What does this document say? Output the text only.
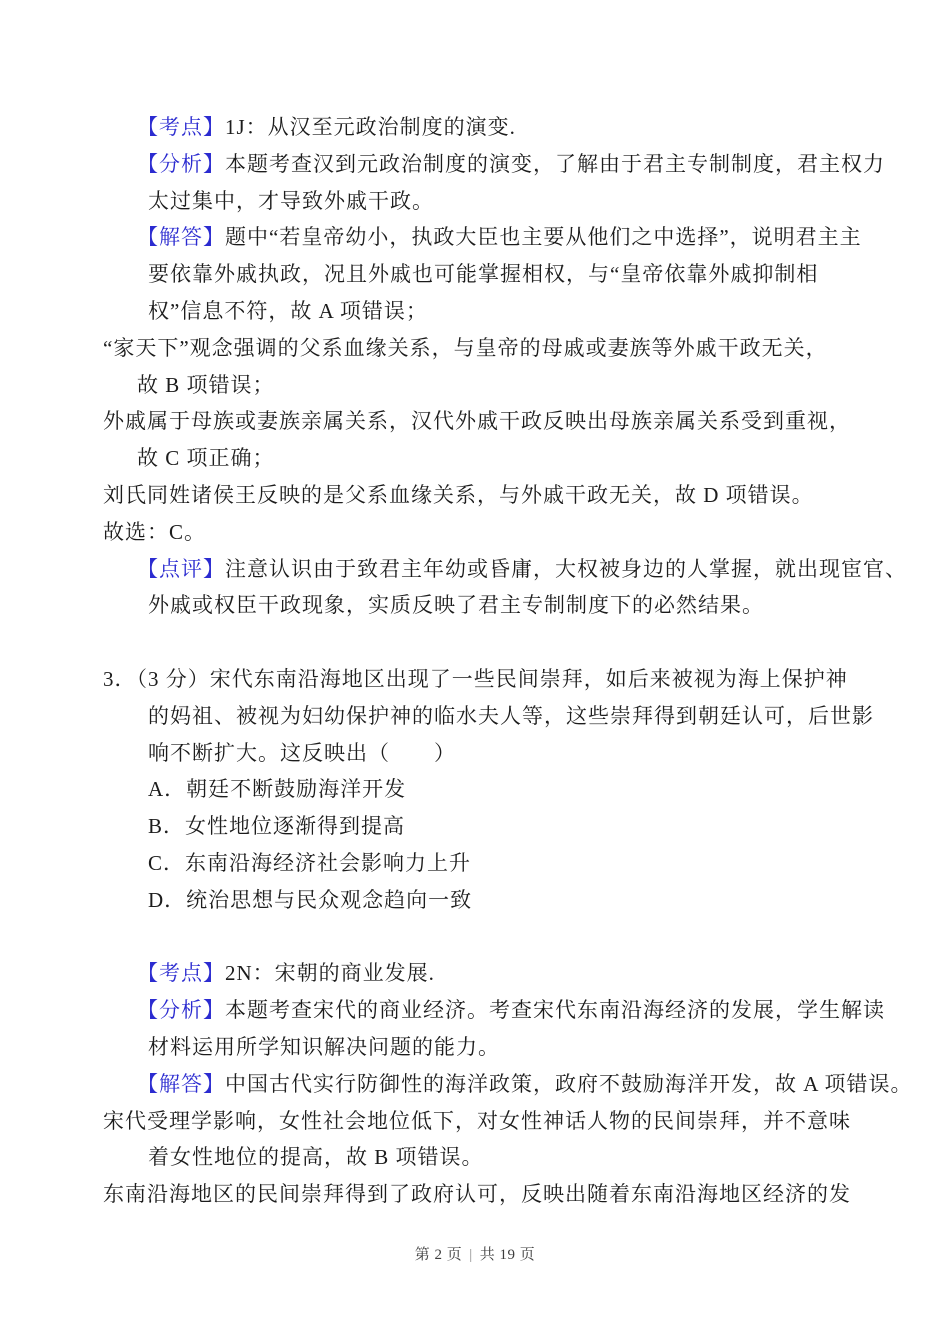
【考点】1J：从汉至元政治制度的演变.
【分析】本题考查汉到元政治制度的演变，了解由于君主专制制度，君主权力
太过集中，才导致外戚干政。
【解答】题中“若皇帝幼小，执政大臣也主要从他们之中选择”，说明君主主
要依靠外戚执政，况且外戚也可能掌握相权，与“皇帝依靠外戚抑制相
权”信息不符，故 A 项错误；
“家天下”观念强调的父系血缘关系，与皇帝的母戚或妻族等外戚干政无关，
故 B 项错误；
外戚属于母族或妻族亲属关系，汉代外戚干政反映出母族亲属关系受到重视，
故 C 项正确；
刘氏同姓诸侯王反映的是父系血缘关系，与外戚干政无关，故 D 项错误。
故选：C。
【点评】注意认识由于致君主年幼或昏庸，大权被身边的人掌握，就出现宦官、
外戚或权臣干政现象，实质反映了君主专制制度下的必然结果。
3．（3 分）宋代东南沿海地区出现了一些民间崇拜，如后来被视为海上保护神
的妈祖、被视为妇幼保护神的临水夫人等，这些崇拜得到朝廷认可，后世影
响不断扩大。这反映出（　　）
A．朝廷不断鼓励海洋开发
B．女性地位逐渐得到提高
C．东南沿海经济社会影响力上升
D．统治思想与民众观念趋向一致
【考点】2N：宋朝的商业发展.
【分析】本题考查宋代的商业经济。考查宋代东南沿海经济的发展，学生解读
材料运用所学知识解决问题的能力。
【解答】中国古代实行防御性的海洋政策，政府不鼓励海洋开发，故 A 项错误。
宋代受理学影响，女性社会地位低下，对女性神话人物的民间崇拜，并不意味
着女性地位的提高，故 B 项错误。
东南沿海地区的民间崇拜得到了政府认可，反映出随着东南沿海地区经济的发
第 2 页 | 共 19 页
